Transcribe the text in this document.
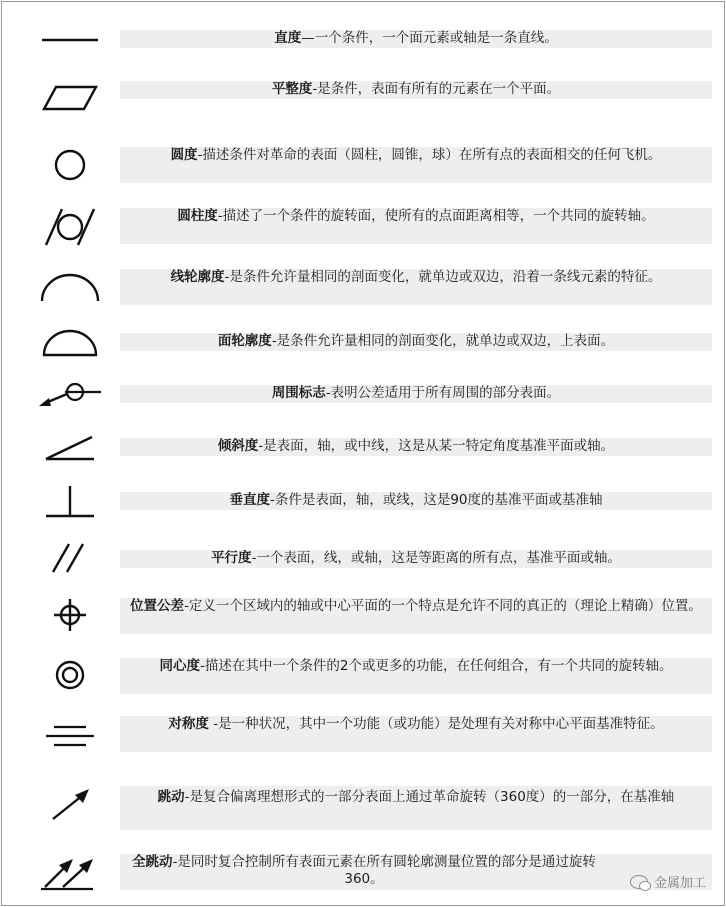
直度—一个条件，一个面元素或轴是一条直线。
平整度-是条件，表面有所有的元素在一个平面。
圆度-描述条件对革命的表面（圆柱，圆锥，球）在所有点的表面相交的任何飞机。
圆柱度-描述了一个条件的旋转面，使所有的点面距离相等，一个共同的旋转轴。
线轮廓度-是条件允许量相同的剖面变化，就单边或双边，沿着一条线元素的特征。
面轮廓度-是条件允许量相同的剖面变化，就单边或双边，上表面。
周围标志-表明公差适用于所有周围的部分表面。
倾斜度-是表面，轴，或中线，这是从某一特定角度基准平面或轴。
垂直度-条件是表面，轴，或线，这是90度的基准平面或基准轴
平行度-一个表面，线，或轴，这是等距离的所有点，基准平面或轴。
位置公差-定义一个区域内的轴或中心平面的一个特点是允许不同的真正的（理论上精确）位置。
同心度-描述在其中一个条件的2个或更多的功能，在任何组合，有一个共同的旋转轴。
对称度 -是一种状况，其中一个功能（或功能）是处理有关对称中心平面基准特征。
跳动-是复合偏离理想形式的一部分表面上通过革命旋转（360度）的一部分，在基准轴
全跳动-是同时复合控制所有表面元素在所有圆轮廓测量位置的部分是通过旋转 360。	金属加工
